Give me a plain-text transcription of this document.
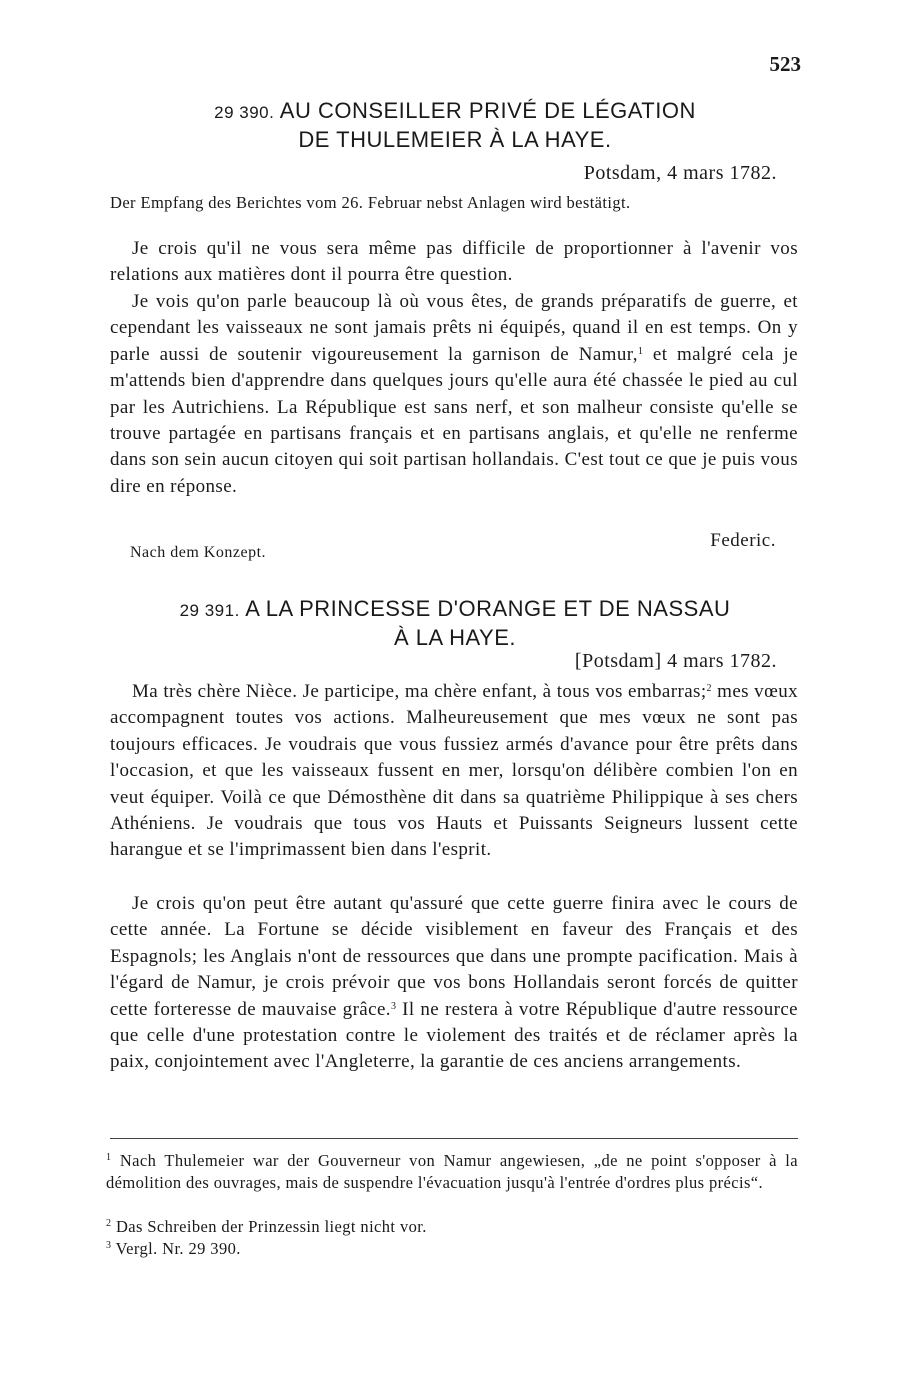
523
29 390. AU CONSEILLER PRIVÉ DE LÉGATION
DE THULEMEIER À LA HAYE.
Potsdam, 4 mars 1782.

Der Empfang des Berichtes vom 26. Februar nebst Anlagen wird bestätigt.

Je crois qu'il ne vous sera même pas difficile de proportionner à l'avenir vos relations aux matières dont il pourra être question.

Je vois qu'on parle beaucoup là où vous êtes, de grands préparatifs de guerre, et cependant les vaisseaux ne sont jamais prêts ni équipés, quand il en est temps. On y parle aussi de soutenir vigoureusement la garnison de Namur,$^1$ et malgré cela je m'attends bien d'apprendre dans quelques jours qu'elle aura été chassée le pied au cul par les Autrichiens. La République est sans nerf, et son malheur consiste qu'elle se trouve partagée en partisans français et en partisans anglais, et qu'elle ne renferme dans son sein aucun citoyen qui soit partisan hollandais. C'est tout ce que je puis vous dire en réponse.

Federic.
Nach dem Konzept.
29 391. A LA PRINCESSE D'ORANGE ET DE NASSAU
À LA HAYE.
[Potsdam] 4 mars 1782.

Ma très chère Nièce. Je participe, ma chère enfant, à tous vos embarras;$^2$ mes vœux accompagnent toutes vos actions. Malheureusement que mes vœux ne sont pas toujours efficaces. Je voudrais que vous fussiez armés d'avance pour être prêts dans l'occasion, et que les vaisseaux fussent en mer, lorsqu'on délibère combien l'on en veut équiper. Voilà ce que Démosthène dit dans sa quatrième Philippique à ses chers Athéniens. Je voudrais que tous vos Hauts et Puissants Seigneurs lussent cette harangue et se l'imprimassent bien dans l'esprit.

Je crois qu'on peut être autant qu'assuré que cette guerre finira avec le cours de cette année. La Fortune se décide visiblement en faveur des Français et des Espagnols; les Anglais n'ont de ressources que dans une prompte pacification. Mais à l'égard de Namur, je crois prévoir que vos bons Hollandais seront forcés de quitter cette forteresse de mauvaise grâce.$^3$ Il ne restera à votre République d'autre ressource que celle d'une protestation contre le violement des traités et de réclamer après la paix, conjointement avec l'Angleterre, la garantie de ces anciens arrangements.

$^1$ Nach Thulemeier war der Gouverneur von Namur angewiesen, „de ne point s'opposer à la démolition des ouvrages, mais de suspendre l'évacuation jusqu'à l'entrée d'ordres plus précis“.

$^2$ Das Schreiben der Prinzessin liegt nicht vor.

$^3$ Vergl. Nr. 29 390.
